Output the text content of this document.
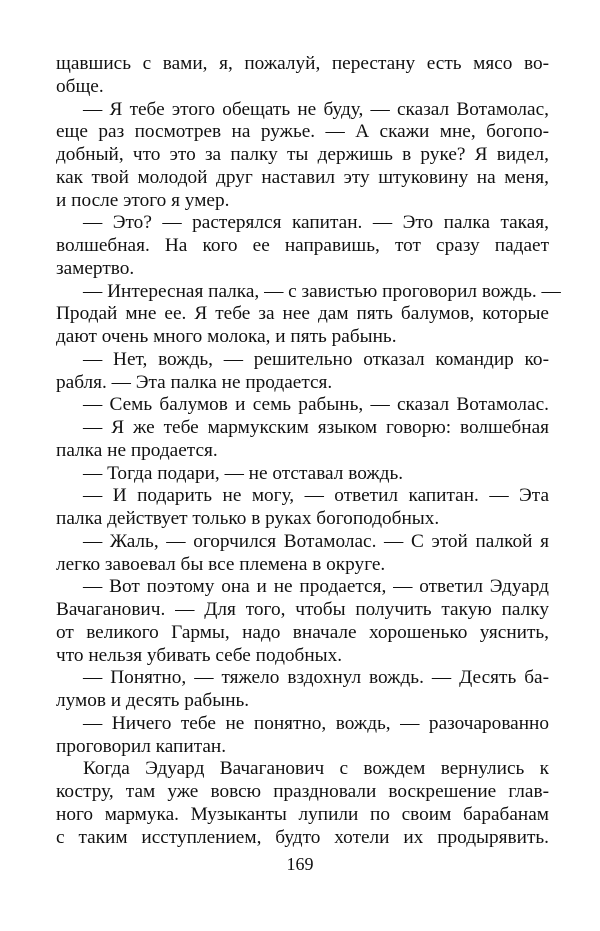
щавшись с вами, я, пожалуй, перестану есть мясо во-
обще.
— Я тебе этого обещать не буду, — сказал Вотамолас,
еще раз посмотрев на ружье. — А скажи мне, богопо-
добный, что это за палку ты держишь в руке? Я видел,
как твой молодой друг наставил эту штуковину на меня,
и после этого я умер.
— Это? — растерялся капитан. — Это палка такая,
волшебная. На кого ее направишь, тот сразу падает
замертво.
— Интересная палка, — с завистью проговорил вождь. —
Продай мне ее. Я тебе за нее дам пять балумов, которые
дают очень много молока, и пять рабынь.
— Нет, вождь, — решительно отказал командир ко-
рабля. — Эта палка не продается.
— Семь балумов и семь рабынь, — сказал Вотамолас.
— Я же тебе мармукским языком говорю: волшебная
палка не продается.
— Тогда подари, — не отставал вождь.
— И подарить не могу, — ответил капитан. — Эта
палка действует только в руках богоподобных.
— Жаль, — огорчился Вотамолас. — С этой палкой я
легко завоевал бы все племена в округе.
— Вот поэтому она и не продается, — ответил Эдуард
Вачаганович. — Для того, чтобы получить такую палку
от великого Гармы, надо вначале хорошенько уяснить,
что нельзя убивать себе подобных.
— Понятно, — тяжело вздохнул вождь. — Десять ба-
лумов и десять рабынь.
— Ничего тебе не понятно, вождь, — разочарованно
проговорил капитан.
Когда Эдуард Вачаганович с вождем вернулись к
костру, там уже вовсю праздновали воскрешение глав-
ного мармука. Музыканты лупили по своим барабанам
с таким исступлением, будто хотели их продырявить.
169
